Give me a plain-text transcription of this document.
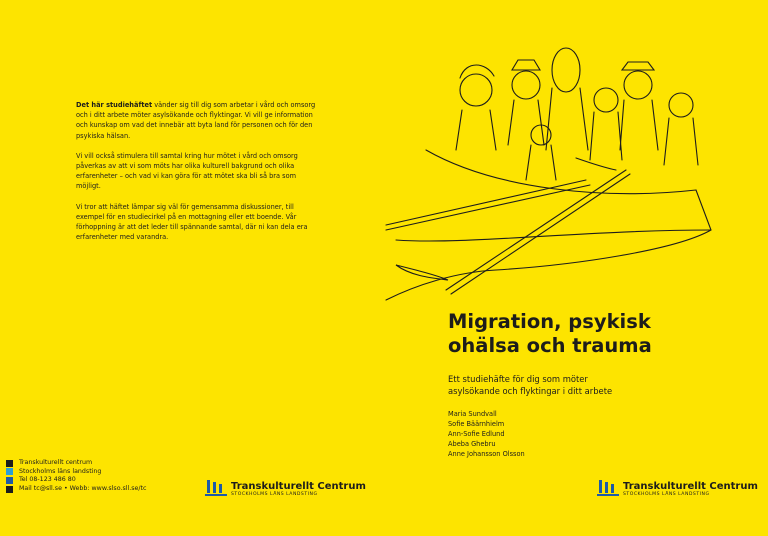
Det här studiehäftet vänder sig till dig som arbetar i vård och omsorg och i ditt arbete möter asylsökande och flyktingar. Vi vill ge information och kunskap om vad det innebär att byta land för personen och för den psykiska hälsan.

Vi vill också stimulera till samtal kring hur mötet i vård och omsorg påverkas av att vi som möts har olika kulturell bakgrund och olika erfarenheter – och vad vi kan göra för att mötet ska bli så bra som möjligt.

Vi tror att häftet lämpar sig väl för gemensamma diskussioner, till exempel för en studiecirkel på en mottagning eller ett boende. Vår förhoppning är att det leder till spännande samtal, där ni kan dela era erfarenheter med varandra.

Transkulturellt centrum
Stockholms läns landsting
Tel 08-123 486 80
Mail tc@sll.se • Webb: www.slso.sll.se/tc	Transkulturellt Centrum
STOCKHOLMS LÄNS LANDSTING
Migration, psykisk
ohälsa och trauma
Ett studiehäfte för dig som möter
asylsökande och flyktingar i ditt arbete
Maria Sundvall
Sofie Bäärnhielm
Ann-Sofie Edlund
Abeba Ghebru
Anne Johansson Olsson
Transkulturellt Centrum
STOCKHOLMS LÄNS LANDSTING
